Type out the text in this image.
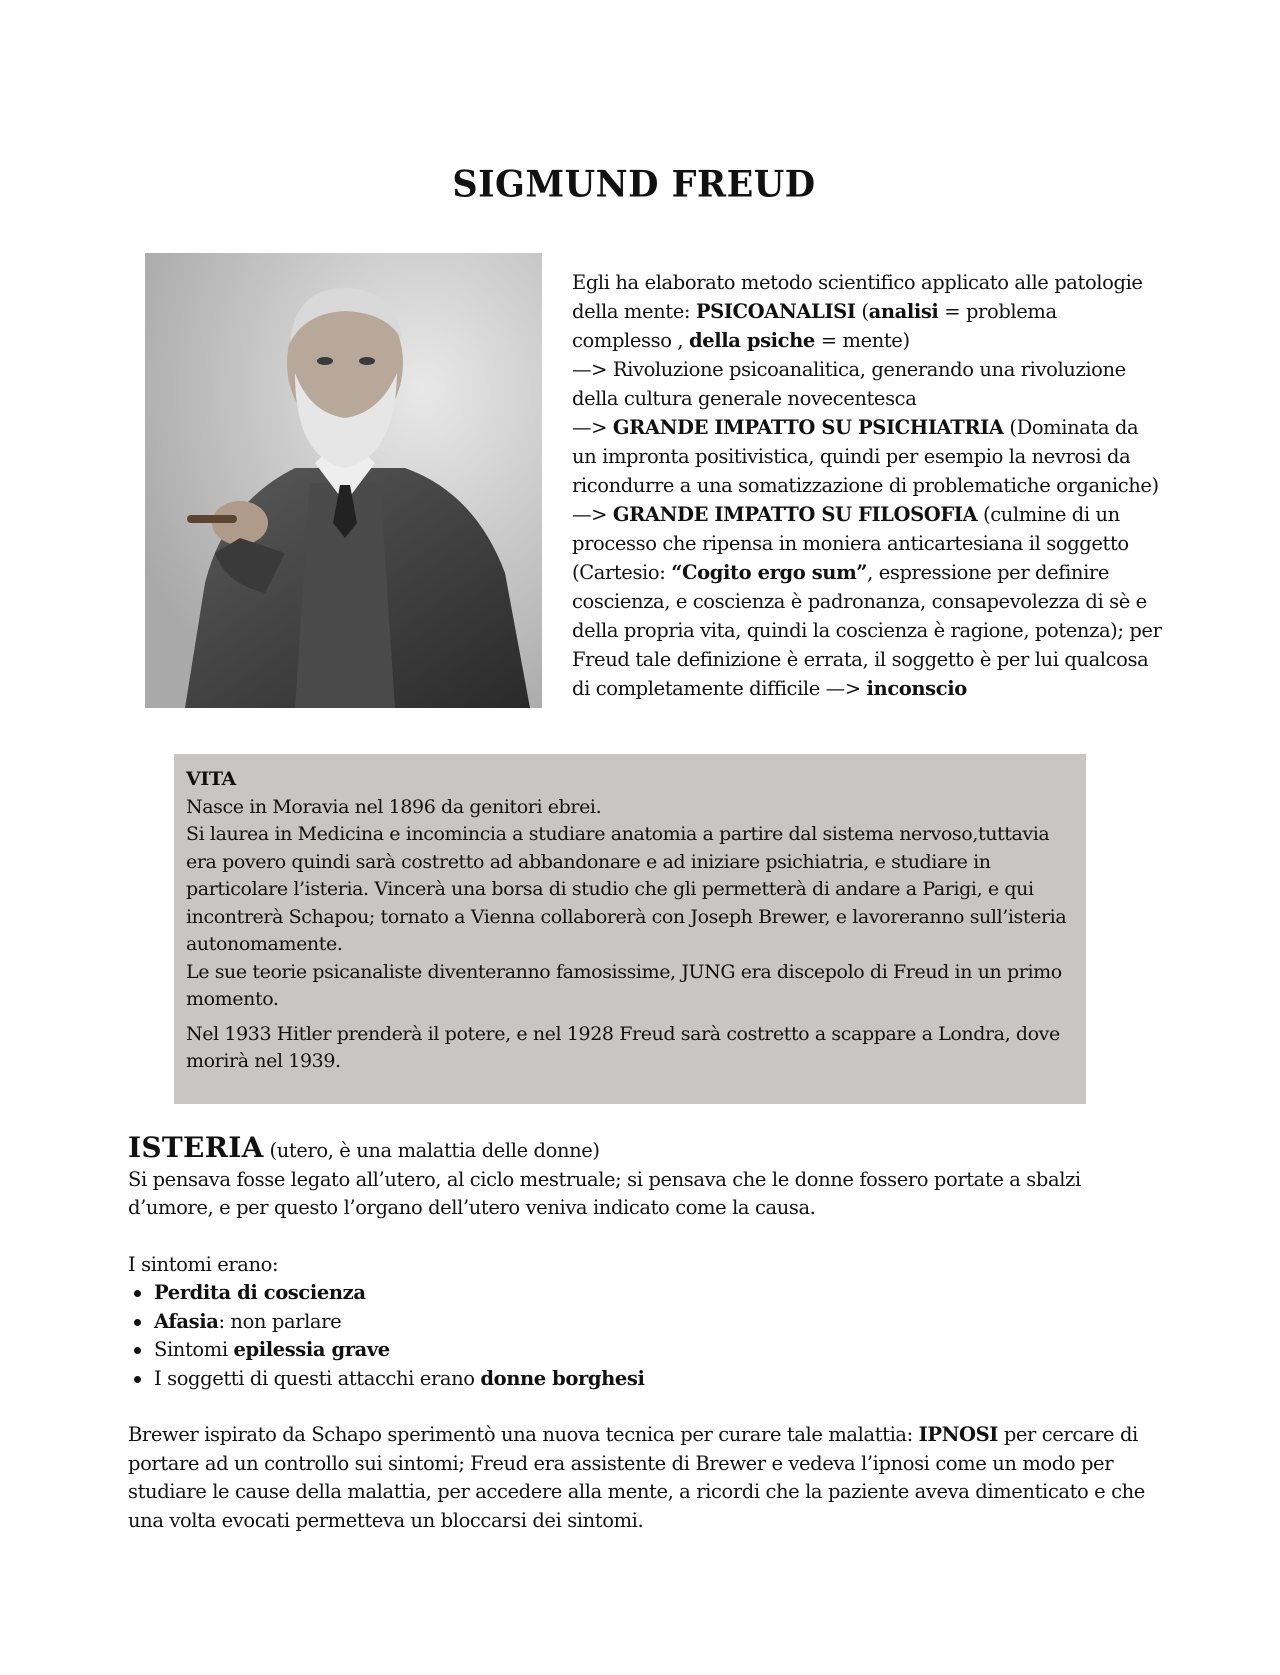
SIGMUND FREUD

Egli ha elaborato metodo scientifico applicato alle patologie della mente: PSICOANALISI (analisi = problema complesso , della psiche = mente)

—> Rivoluzione psicoanalitica, generando una rivoluzione della cultura generale novecentesca

—> GRANDE IMPATTO SU PSICHIATRIA (Dominata da un impronta positivistica, quindi per esempio la nevrosi da ricondurre a una somatizzazione di problematiche organiche)

—> GRANDE IMPATTO SU FILOSOFIA (culmine di un processo che ripensa in moniera anticartesiana il soggetto (Cartesio: “Cogito ergo sum”, espressione per definire coscienza, e coscienza è padronanza, consapevolezza di sè e della propria vita, quindi la coscienza è ragione, potenza); per Freud tale definizione è errata, il soggetto è per lui qualcosa di completamente difficile —> inconscio

VITA

Nasce in Moravia nel 1896 da genitori ebrei.

Si laurea in Medicina e incomincia a studiare anatomia a partire dal sistema nervoso,tuttavia era povero quindi sarà costretto ad abbandonare e ad iniziare psichiatria, e studiare in particolare l’isteria. Vincerà una borsa di studio che gli permetterà di andare a Parigi, e qui incontrerà Schapou; tornato a Vienna collaborerà con Joseph Brewer, e lavoreranno sull’isteria autonomamente.

Le sue teorie psicanaliste diventeranno famosissime, JUNG era discepolo di Freud in un primo momento.

Nel 1933 Hitler prenderà il potere, e nel 1928 Freud sarà costretto a scappare a Londra, dove morirà nel 1939.

ISTERIA (utero, è una malattia delle donne)

Si pensava fosse legato all’utero, al ciclo mestruale; si pensava che le donne fossero portate a sbalzi d’umore, e per questo l’organo dell’utero veniva indicato come la causa.

I sintomi erano:

Perdita di coscienza
Afasia: non parlare
Sintomi epilessia grave
I soggetti di questi attacchi erano donne borghesi

Brewer ispirato da Schapo sperimentò una nuova tecnica per curare tale malattia: IPNOSI per cercare di portare ad un controllo sui sintomi; Freud era assistente di Brewer e vedeva l’ipnosi come un modo per studiare le cause della malattia, per accedere alla mente, a ricordi che la paziente aveva dimenticato e che una volta evocati permetteva un bloccarsi dei sintomi.
